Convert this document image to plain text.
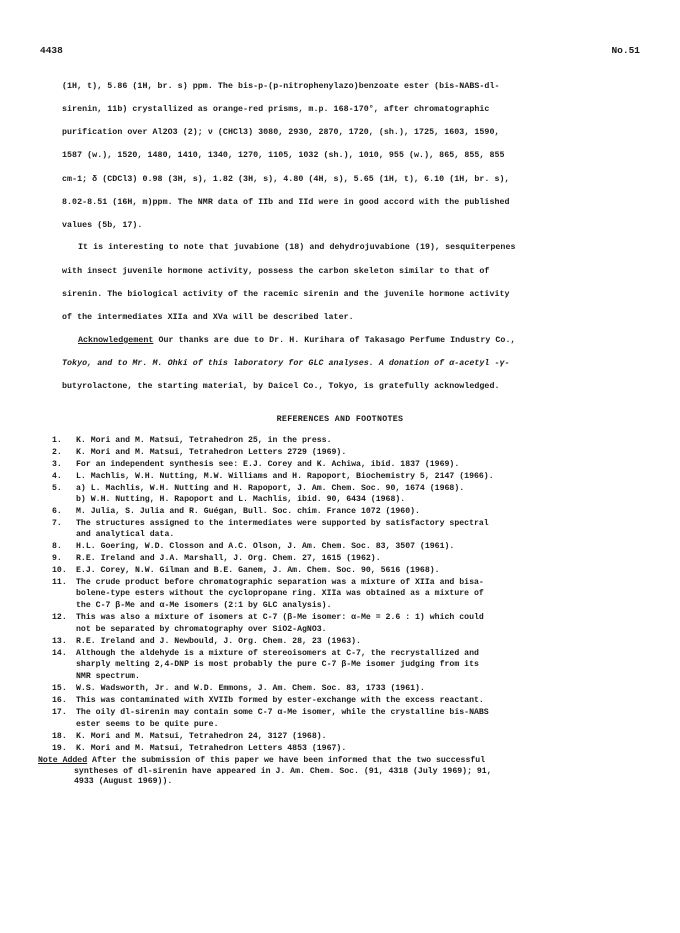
4438	No.51
(1H, t), 5.86 (1H, br. s) ppm. The bis-p-(p-nitrophenylazo)benzoate ester (bis-NABS-dl-
sirenin, 11b) crystallized as orange-red prisms, m.p. 168-170°, after chromatographic
purification over Al2O3 (2); ν (CHCl3) 3080, 2930, 2870, 1720, (sh.), 1725, 1603, 1590,
1587 (w.), 1520, 1480, 1410, 1340, 1270, 1105, 1032 (sh.), 1010, 955 (w.), 865, 855, 855
cm-1; δ (CDCl3) 0.98 (3H, s), 1.82 (3H, s), 4.80 (4H, s), 5.65 (1H, t), 6.10 (1H, br. s),
8.02-8.51 (16H, m)ppm. The NMR data of IIb and IId were in good accord with the published
values (5b, 17).
It is interesting to note that juvabione (18) and dehydrojuvabione (19), sesquiterpenes
with insect juvenile hormone activity, possess the carbon skeleton similar to that of
sirenin. The biological activity of the racemic sirenin and the juvenile hormone activity
of the intermediates XIIa and XVa will be described later.
Acknowledgement Our thanks are due to Dr. H. Kurihara of Takasago Perfume Industry Co.,
Tokyo, and to Mr. M. Ohki of this laboratory for GLC analyses. A donation of α-acetyl -γ-
butyrolactone, the starting material, by Daicel Co., Tokyo, is gratefully acknowledged.
REFERENCES AND FOOTNOTES
1.	K. Mori and M. Matsui, Tetrahedron 25, in the press.
2.	K. Mori and M. Matsui, Tetrahedron Letters 2729 (1969).
3.	For an independent synthesis see: E.J. Corey and K. Achiwa, ibid. 1837 (1969).
4.	L. Machlis, W.H. Nutting, M.W. Williams and H. Rapoport, Biochemistry 5, 2147 (1966).
5.	a) L. Machlis, W.H. Nutting and H. Rapoport, J. Am. Chem. Soc. 90, 1674 (1968).
b) W.H. Nutting, H. Rapoport and L. Machlis, ibid. 90, 6434 (1968).
6.	M. Julia, S. Julia and R. Guégan, Bull. Soc. chim. France 1072 (1960).
7.	The structures assigned to the intermediates were supported by satisfactory spectral
and analytical data.
8.	H.L. Goering, W.D. Closson and A.C. Olson, J. Am. Chem. Soc. 83, 3507 (1961).
9.	R.E. Ireland and J.A. Marshall, J. Org. Chem. 27, 1615 (1962).
10.	E.J. Corey, N.W. Gilman and B.E. Ganem, J. Am. Chem. Soc. 90, 5616 (1968).
11.	The crude product before chromatographic separation was a mixture of XIIa and bisa-
bolene-type esters without the cyclopropane ring. XIIa was obtained as a mixture of
the C-7 β-Me and α-Me isomers (2:1 by GLC analysis).
12.	This was also a mixture of isomers at C-7 (β-Me isomer: α-Me = 2.6 : 1) which could
not be separated by chromatography over SiO2-AgNO3.
13.	R.E. Ireland and J. Newbould, J. Org. Chem. 28, 23 (1963).
14.	Although the aldehyde is a mixture of stereoisomers at C-7, the recrystallized and
sharply melting 2,4-DNP is most probably the pure C-7 β-Me isomer judging from its
NMR spectrum.
15.	W.S. Wadsworth, Jr. and W.D. Emmons, J. Am. Chem. Soc. 83, 1733 (1961).
16.	This was contaminated with XVIIb formed by ester-exchange with the excess reactant.
17.	The oily dl-sirenin may contain some C-7 α-Me isomer, while the crystalline bis-NABS
ester seems to be quite pure.
18.	K. Mori and M. Matsui, Tetrahedron 24, 3127 (1968).
19.	K. Mori and M. Matsui, Tetrahedron Letters 4853 (1967).
Note Added After the submission of this paper we have been informed that the two successful
syntheses of dl-sirenin have appeared in J. Am. Chem. Soc. (91, 4318 (July 1969); 91,
4933 (August 1969)).
